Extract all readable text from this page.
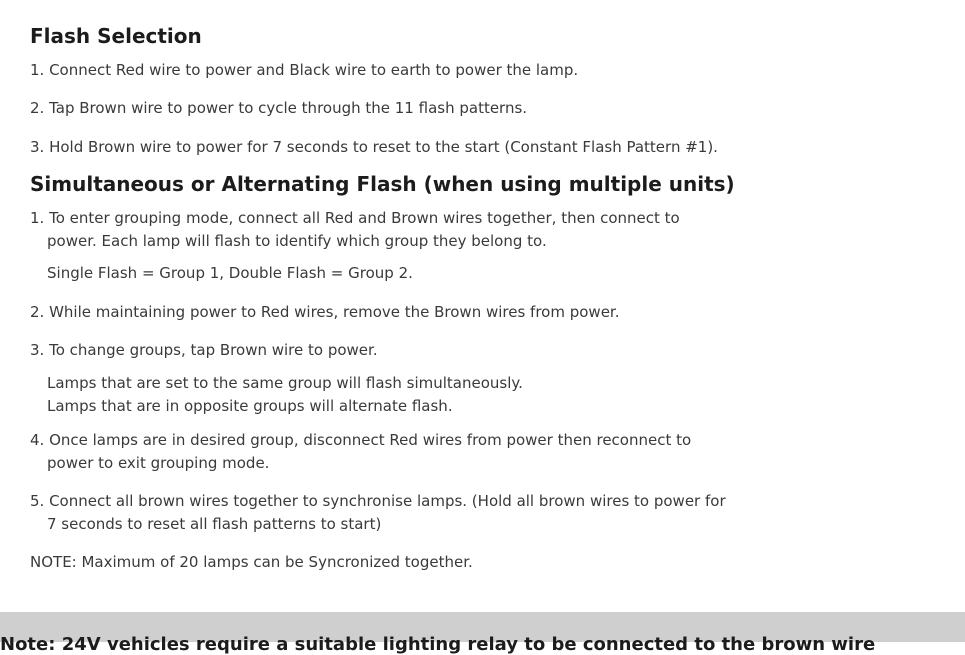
Flash Selection

1. Connect Red wire to power and Black wire to earth to power the lamp.

2. Tap Brown wire to power to cycle through the 11 flash patterns.

3. Hold Brown wire to power for 7 seconds to reset to the start (Constant Flash Pattern #1).

Simultaneous or Alternating Flash (when using multiple units)

1. To enter grouping mode, connect all Red and Brown wires together, then connect to

power. Each lamp will flash to identify which group they belong to.

Single Flash = Group 1, Double Flash = Group 2.

2. While maintaining power to Red wires, remove the Brown wires from power.

3. To change groups, tap Brown wire to power.

Lamps that are set to the same group will flash simultaneously.

Lamps that are in opposite groups will alternate flash.

4. Once lamps are in desired group, disconnect Red wires from power then reconnect to

power to exit grouping mode.

5. Connect all brown wires together to synchronise lamps. (Hold all brown wires to power for

7 seconds to reset all flash patterns to start)

NOTE: Maximum of 20 lamps can be Syncronized together.

Note: 24V vehicles require a suitable lighting relay to be connected to the brown wire
